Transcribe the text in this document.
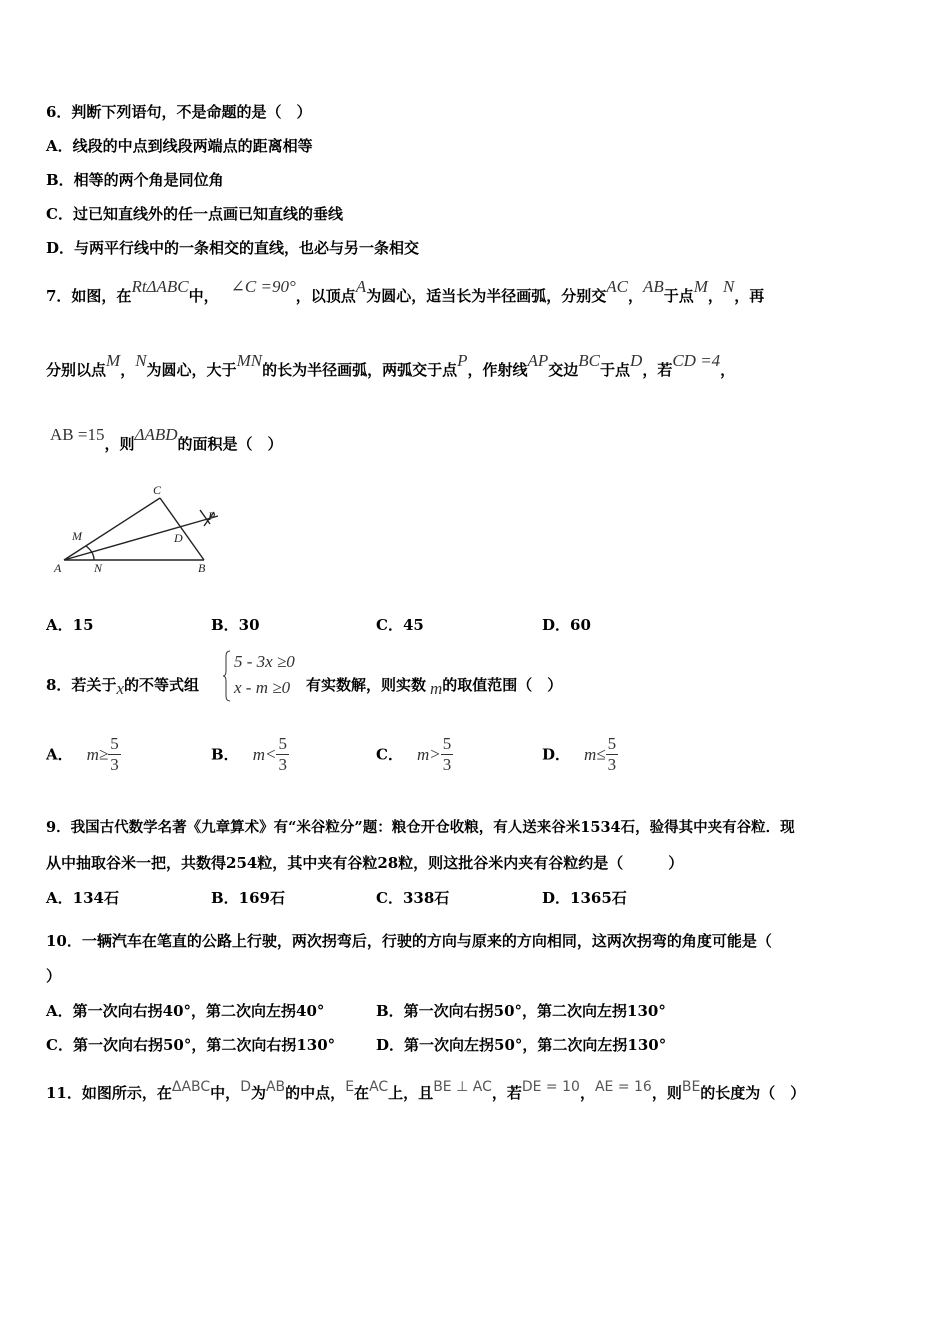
6．判断下列语句，不是命题的是（　）
A．线段的中点到线段两端点的距离相等
B．相等的两个角是同位角
C．过已知直线外的任一点画已知直线的垂线
D．与两平行线中的一条相交的直线，也必与另一条相交
7．如图，在RtΔABC中， ∠C =90°，以顶点A为圆心，适当长为半径画弧，分别交AC，AB于点M，N，再
分别以点M，N为圆心，大于MN的长为半径画弧，两弧交于点P，作射线AP交边BC于点D，若CD =4，
AB =15，则ΔABD的面积是（　）
C
M	D
P
A	N	B
A．15	B．30	C．45	D．60
8．若关于x的不等式组
5 - 3x ≥0
x - m ≥0 有实数解，则实数 m的取值范围（　）
A． $m\ge \frac{5}{3}$	B． $m< \frac{5}{3}$	C． $m> \frac{5}{3}$	D． $m\le \frac{5}{3}$
9．我国古代数学名著《九章算术》有“米谷粒分”题：粮仓开仓收粮，有人送来谷米1534石，验得其中夹有谷粒．现
从中抽取谷米一把，共数得254粒，其中夹有谷粒28粒，则这批谷米内夹有谷粒约是（　　　）
A．134石	B．169石	C．338石	D．1365石
10．一辆汽车在笔直的公路上行驶，两次拐弯后，行驶的方向与原来的方向相同，这两次拐弯的角度可能是（
）
A．第一次向右拐40°，第二次向左拐40°	B．第一次向右拐50°，第二次向左拐130°
C．第一次向右拐50°，第二次向右拐130°	D．第一次向左拐50°，第二次向左拐130°
11．如图所示，在ΔABC中，D为AB的中点，E在AC上，且BE ⊥ AC，若DE = 10，AE = 16，则BE的长度为（　）
